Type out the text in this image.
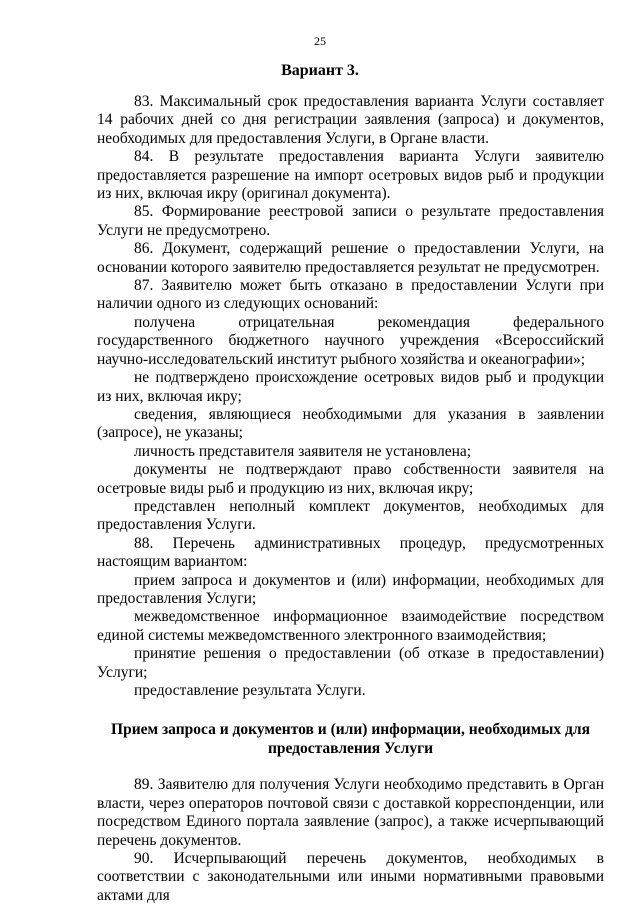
25
Вариант 3.

83. Максимальный срок предоставления варианта Услуги составляет 14 рабочих дней со дня регистрации заявления (запроса) и документов, необходимых для предоставления Услуги, в Органе власти.

84. В результате предоставления варианта Услуги заявителю предоставляется разрешение на импорт осетровых видов рыб и продукции из них, включая икру (оригинал документа).

85. Формирование реестровой записи о результате предоставления Услуги не предусмотрено.

86. Документ, содержащий решение о предоставлении Услуги, на основании которого заявителю предоставляется результат не предусмотрен.

87. Заявителю может быть отказано в предоставлении Услуги при наличии одного из следующих оснований:

получена отрицательная рекомендация федерального государственного бюджетного научного учреждения «Всероссийский научно-исследовательский институт рыбного хозяйства и океанографии»;

не подтверждено происхождение осетровых видов рыб и продукции из них, включая икру;

сведения, являющиеся необходимыми для указания в заявлении (запросе), не указаны;

личность представителя заявителя не установлена;

документы не подтверждают право собственности заявителя на осетровые виды рыб и продукцию из них, включая икру;

представлен неполный комплект документов, необходимых для предоставления Услуги.

88. Перечень административных процедур, предусмотренных настоящим вариантом:

прием запроса и документов и (или) информации, необходимых для предоставления Услуги;

межведомственное информационное взаимодействие посредством единой системы межведомственного электронного взаимодействия;

принятие решения о предоставлении (об отказе в предоставлении) Услуги;

предоставление результата Услуги.

Прием запроса и документов и (или) информации, необходимых для предоставления Услуги

89. Заявителю для получения Услуги необходимо представить в Орган власти, через операторов почтовой связи с доставкой корреспонденции, или посредством Единого портала заявление (запрос), а также исчерпывающий перечень документов.

90. Исчерпывающий перечень документов, необходимых в соответствии с законодательными или иными нормативными правовыми актами для
